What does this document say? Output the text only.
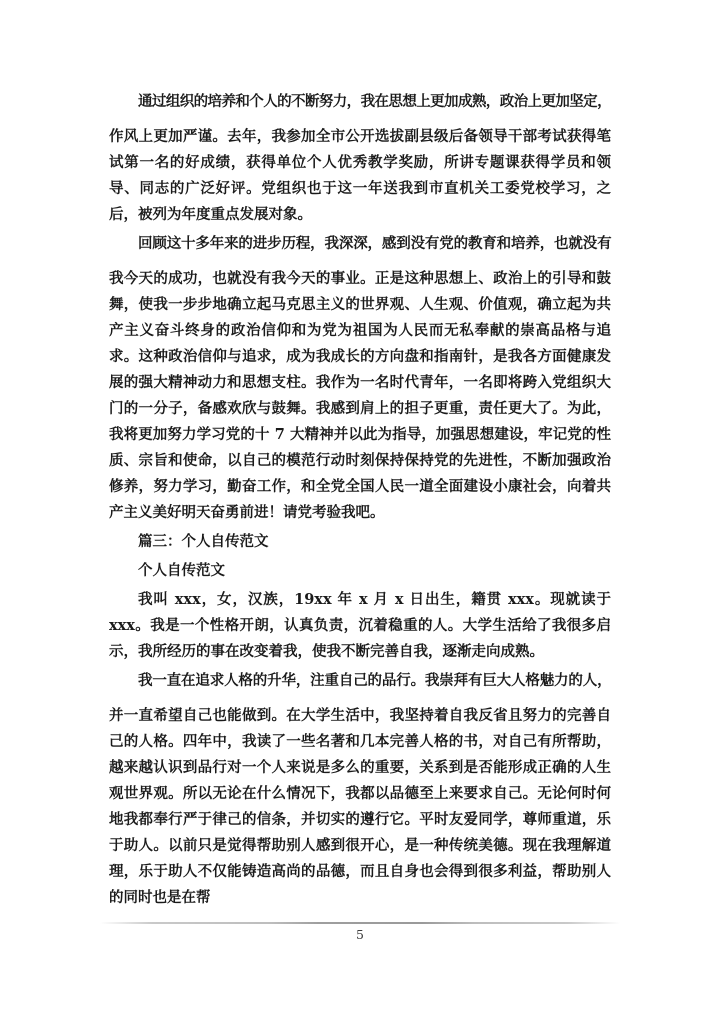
通过组织的培养和个人的不断努力，我在思想上更加成熟，政治上更加坚定，
作风上更加严谨。去年，我参加全市公开选拔副县级后备领导干部考试获得笔试第一名的好成绩，获得单位个人优秀教学奖励，所讲专题课获得学员和领导、同志的广泛好评。党组织也于这一年送我到市直机关工委党校学习，之后，被列为年度重点发展对象。
回顾这十多年来的进步历程，我深深，感到没有党的教育和培养，也就没有
我今天的成功，也就没有我今天的事业。正是这种思想上、政治上的引导和鼓舞，使我一步步地确立起马克思主义的世界观、人生观、价值观，确立起为共产主义奋斗终身的政治信仰和为党为祖国为人民而无私奉献的崇高品格与追求。这种政治信仰与追求，成为我成长的方向盘和指南针，是我各方面健康发展的强大精神动力和思想支柱。我作为一名时代青年，一名即将跨入党组织大门的一分子，备感欢欣与鼓舞。我感到肩上的担子更重，责任更大了。为此，我将更加努力学习党的十 7 大精神并以此为指导，加强思想建设，牢记党的性质、宗旨和使命，以自己的模范行动时刻保持保持党的先进性，不断加强政治修养，努力学习，勤奋工作，和全党全国人民一道全面建设小康社会，向着共产主义美好明天奋勇前进！请党考验我吧。
篇三：个人自传范文
个人自传范文
我叫 xxx，女，汉族，19xx 年 x 月 x 日出生，籍贯 xxx。现就读于 xxx。我是一个性格开朗，认真负责，沉着稳重的人。大学生活给了我很多启示，我所经历的事在改变着我，使我不断完善自我，逐渐走向成熟。
我一直在追求人格的升华，注重自己的品行。我崇拜有巨大人格魅力的人，
并一直希望自己也能做到。在大学生活中，我坚持着自我反省且努力的完善自己的人格。四年中，我读了一些名著和几本完善人格的书，对自己有所帮助，越来越认识到品行对一个人来说是多么的重要，关系到是否能形成正确的人生观世界观。所以无论在什么情况下，我都以品德至上来要求自己。无论何时何地我都奉行严于律己的信条，并切实的遵行它。平时友爱同学，尊师重道，乐于助人。以前只是觉得帮助别人感到很开心，是一种传统美德。现在我理解道理，乐于助人不仅能铸造高尚的品德，而且自身也会得到很多利益，帮助别人的同时也是在帮
5
